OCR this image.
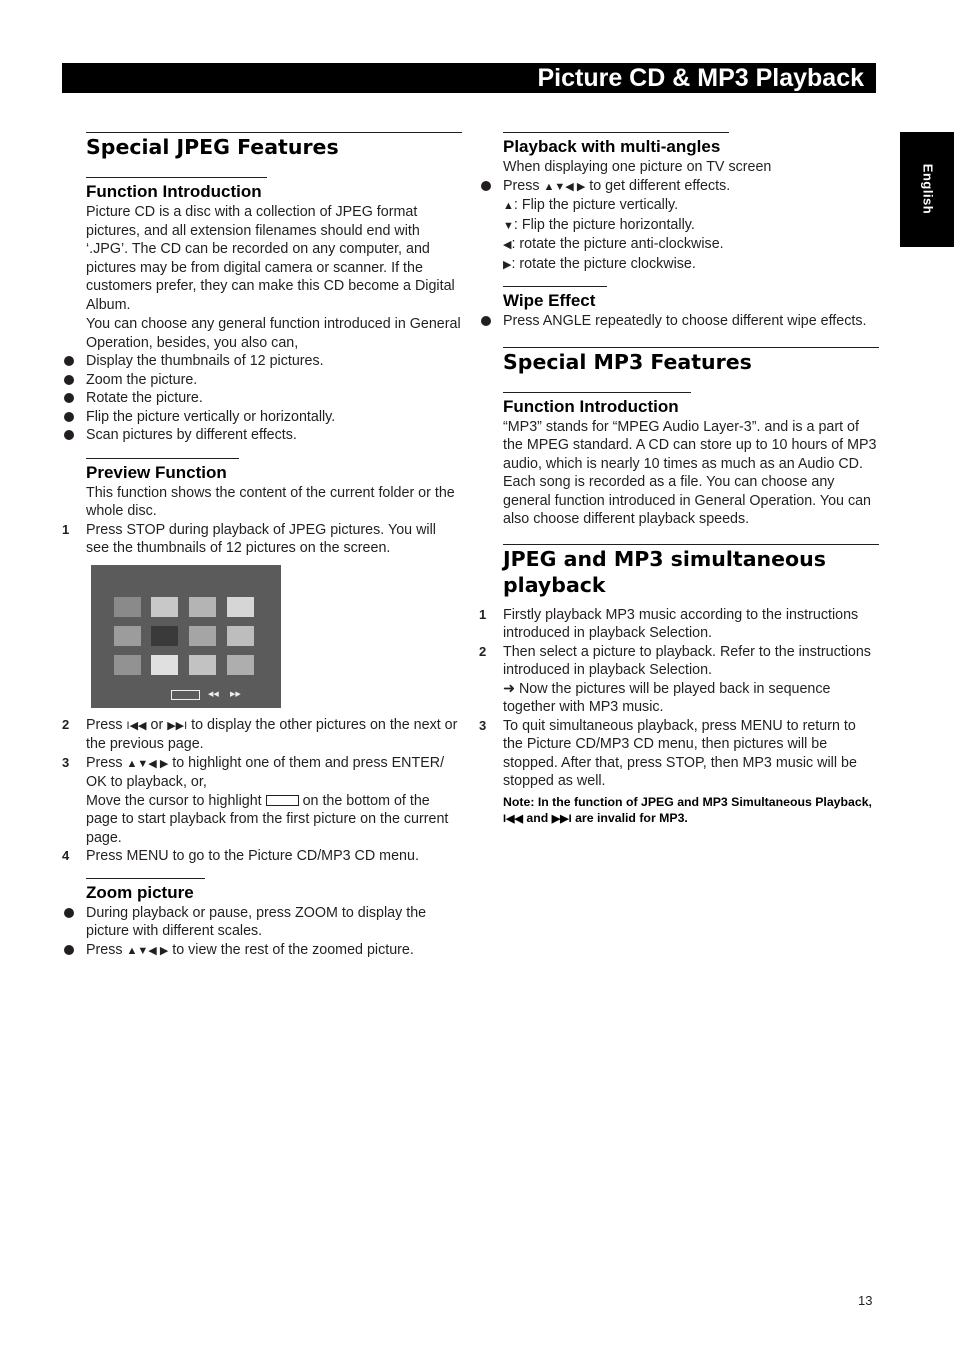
Picture CD & MP3 Playback
English
Special JPEG Features
Function Introduction

Picture CD is a disc with a collection of JPEG format pictures, and all extension filenames should end with ‘.JPG’. The CD can be recorded on any computer, and pictures may be from digital camera or scanner. If the customers prefer, they can make this CD become a Digital Album.

You can choose any general function introduced in General Operation, besides, you also can,

Display the thumbnails of 12 pictures.
Zoom the picture.
Rotate the picture.
Flip the picture vertically or horizontally.
Scan pictures by different effects.
Preview Function

This function shows the content of the current folder or the whole disc.

1	Press STOP during playback of JPEG pictures. You will see the thumbnails of 12 pictures on the screen.
◀◀ ▶▶
2	Press I◀◀ or ▶▶I to display the other pictures on the next or the previous page.
3	Press ▲▼◀ ▶ to highlight one of them and press ENTER/ OK to playback, or,
Move the cursor to highlight  on the bottom of the page to start playback from the first picture on the current page.
4	Press MENU to go to the Picture CD/MP3 CD menu.
Zoom picture
During playback or pause, press ZOOM to display the picture with different scales.
Press ▲▼◀ ▶ to view the rest of the zoomed picture.
Playback with multi-angles

When displaying one picture on TV screen

Press ▲▼◀ ▶ to get different effects.

▲: Flip the picture vertically.

▼: Flip the picture horizontally.

◀: rotate the picture anti-clockwise.

▶: rotate the picture clockwise.

Wipe Effect
Press ANGLE repeatedly to choose different wipe effects.
Special MP3 Features
Function Introduction

“MP3” stands for “MPEG Audio Layer-3”. and is a part of the MPEG standard. A CD can store up to 10 hours of MP3 audio, which is nearly 10 times as much as an Audio CD. Each song is recorded as a file. You can choose any general function introduced in General Operation. You can also choose different playback speeds.

JPEG and MP3 simultaneous playback
1	Firstly playback MP3 music according to the instructions introduced in playback Selection.
2	Then select a picture to playback. Refer to the instructions introduced in playback Selection.
➜ Now the pictures will be played back in sequence together with MP3 music.
3	To quit simultaneous playback, press MENU to return to the Picture CD/MP3 CD menu, then pictures will be stopped. After that, press STOP, then MP3 music will be stopped as well.

Note: In the function of JPEG and MP3 Simultaneous Playback, I◀◀ and ▶▶I are invalid for MP3.

13
